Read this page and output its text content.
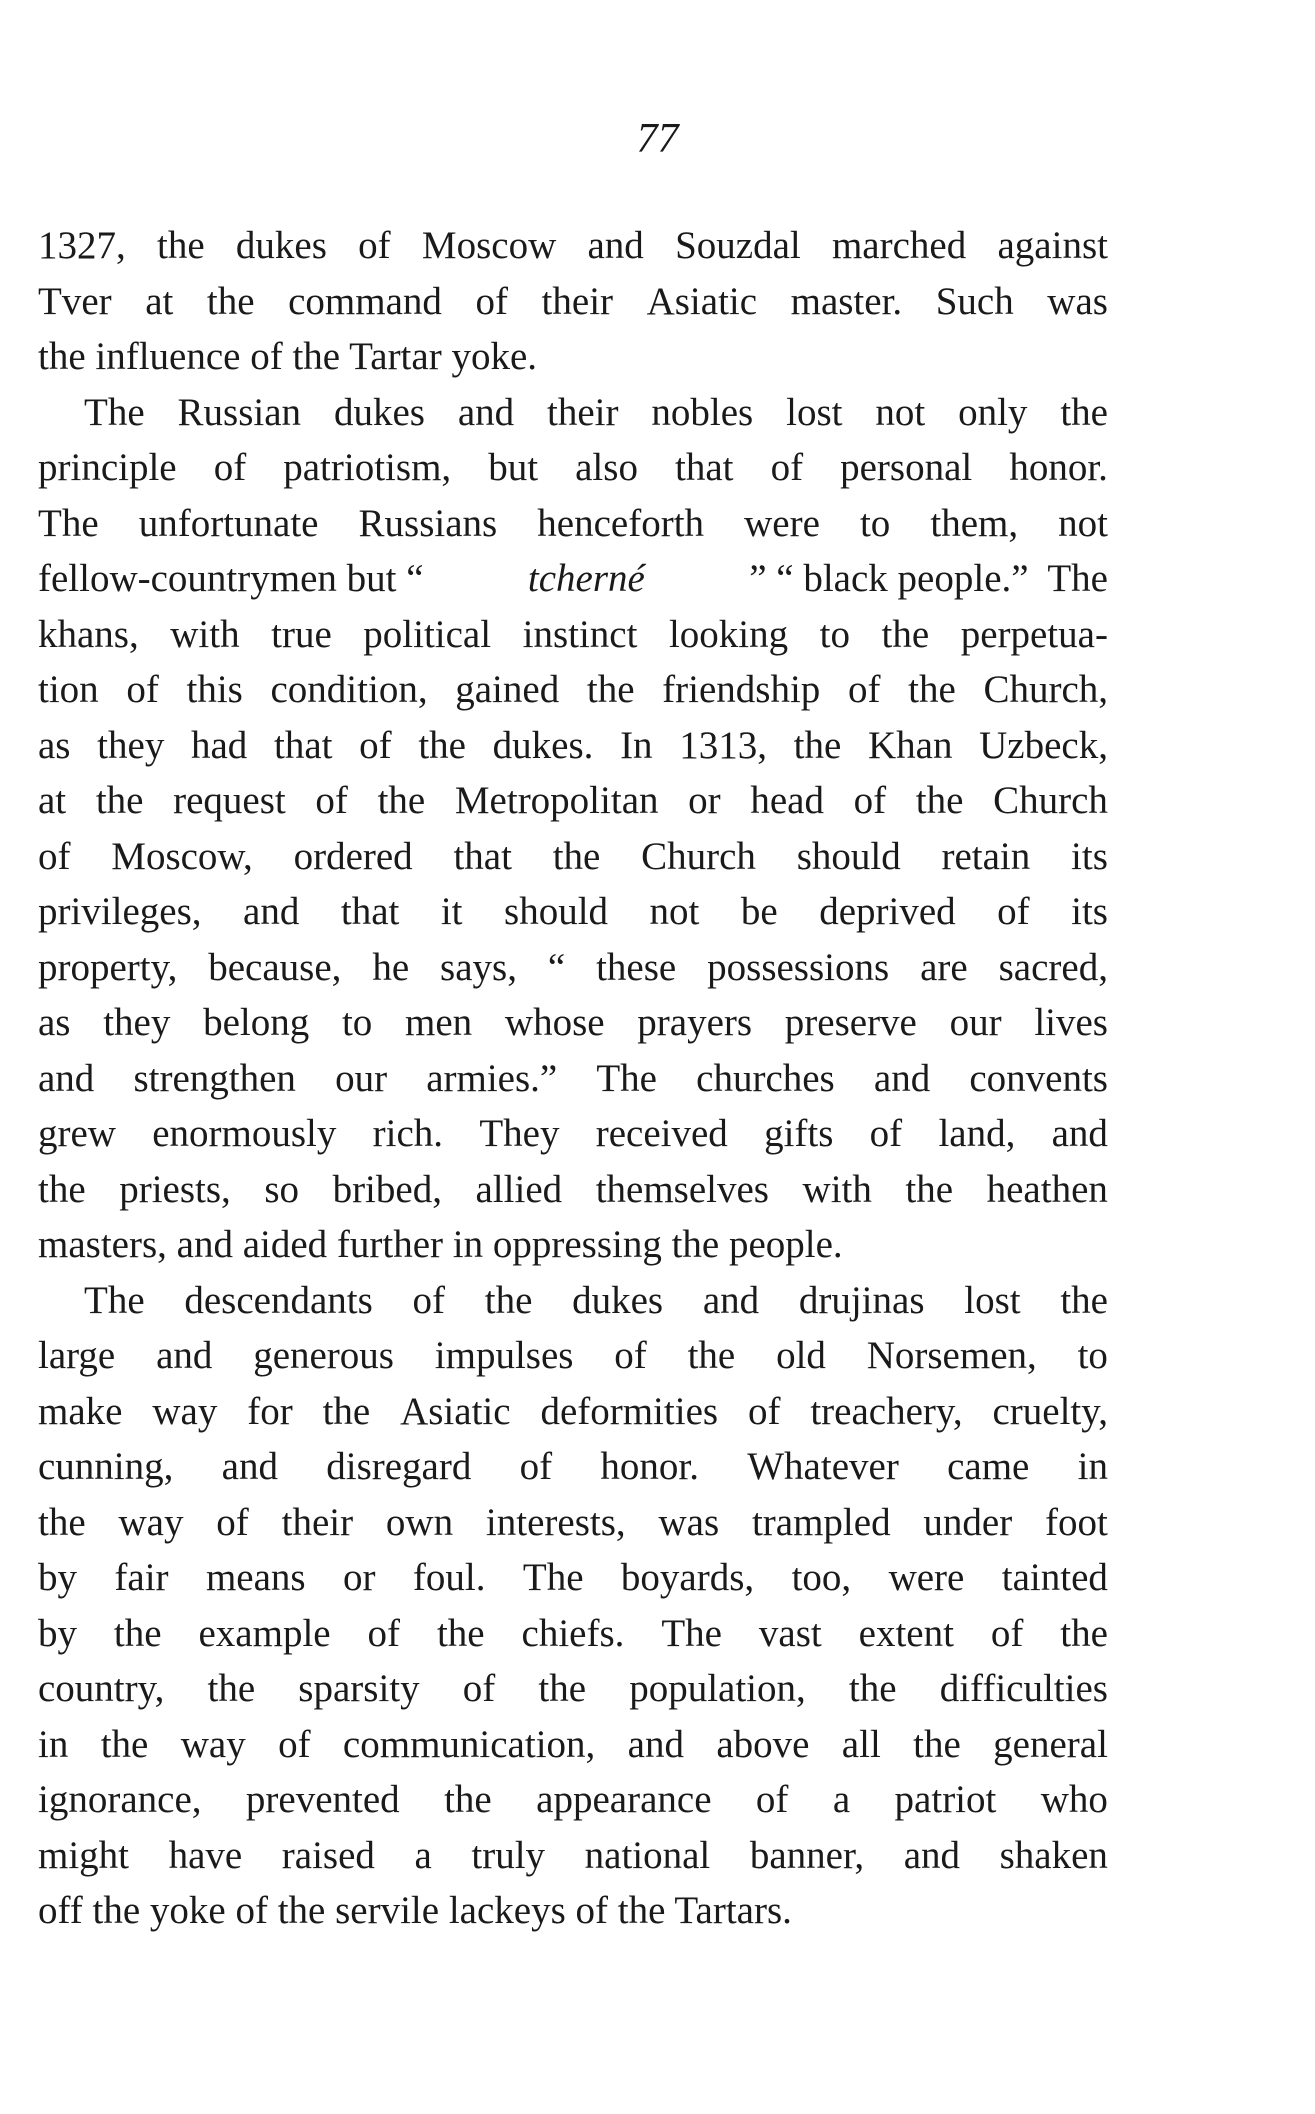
77
1327, the dukes of Moscow and Souzdal marched against
Tver at the command of their Asiatic master. Such was
the influence of the Tartar yoke.
The Russian dukes and their nobles lost not only the
principle of patriotism, but also that of personal honor.
The unfortunate Russians henceforth were to them, not
fellow-countrymen but “ tcherné ” “ black people.”  The
khans, with true political instinct looking to the perpetua-
tion of this condition, gained the friendship of the Church,
as they had that of the dukes. In 1313, the Khan Uzbeck,
at the request of the Metropolitan or head of the Church
of Moscow, ordered that the Church should retain its
privileges, and that it should not be deprived of its
property, because, he says, “ these possessions are sacred,
as they belong to men whose prayers preserve our lives
and strengthen our armies.” The churches and convents
grew enormously rich. They received gifts of land, and
the priests, so bribed, allied themselves with the heathen
masters, and aided further in oppressing the people.
The descendants of the dukes and drujinas lost the
large and generous impulses of the old Norsemen, to
make way for the Asiatic deformities of treachery, cruelty,
cunning, and disregard of honor. Whatever came in
the way of their own interests, was trampled under foot
by fair means or foul. The boyards, too, were tainted
by the example of the chiefs. The vast extent of the
country, the sparsity of the population, the difficulties
in the way of communication, and above all the general
ignorance, prevented the appearance of a patriot who
might have raised a truly national banner, and shaken
off the yoke of the servile lackeys of the Tartars.
